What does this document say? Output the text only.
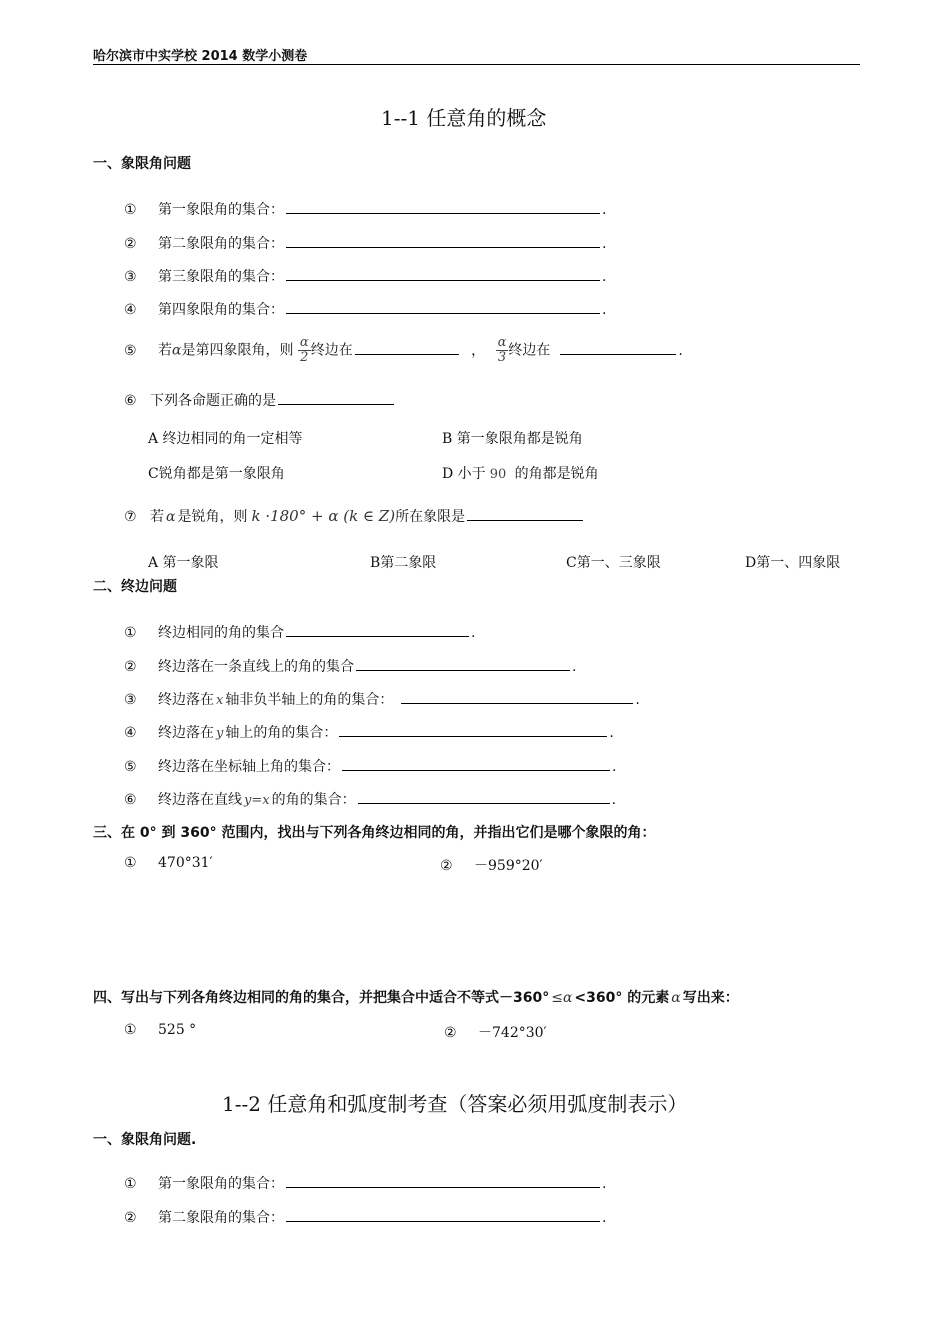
哈尔滨市中实学校 2014 数学小测卷
1--1 任意角的概念
一、象限角问题
① 第一象限角的集合：	.
② 第二象限角的集合：	.
③ 第三象限角的集合：	.
④ 第四象限角的集合：	.
⑤ 若α是第四象限角，则 $\frac{\alpha}{2}$ 终边在	， $\frac{\alpha}{3}$ 终边在	.
⑥ 下列各命题正确的是
A 终边相同的角一定相等	B 第一象限角都是锐角
C锐角都是第一象限角	D 小于 90 的角都是锐角
⑦ 若 α 是锐角，则 k ·180° + α (k ∈ Z)所在象限是
A 第一象限	B第二象限	C第一、三象限	D第一、四象限
二、终边问题
① 终边相同的角的集合	.
② 终边落在一条直线上的角的集合	.
③ 终边落在 x 轴非负半轴上的角的集合：	.
④ 终边落在 y 轴上的角的集合：	.
⑤ 终边落在坐标轴上角的集合：	.
⑥ 终边落在直线 y=x 的角的集合：	.
三、在 0° 到 360° 范围内，找出与下列各角终边相同的角，并指出它们是哪个象限的角：
① 470°31′	② －959°20′
四、写出与下列各角终边相同的角的集合，并把集合中适合不等式－360° ≤α <360° 的元素 α 写出来：
① 525 °	② －742°30′
1--2 任意角和弧度制考查（答案必须用弧度制表示）
一、象限角问题.
① 第一象限角的集合：	.
② 第二象限角的集合：	.
